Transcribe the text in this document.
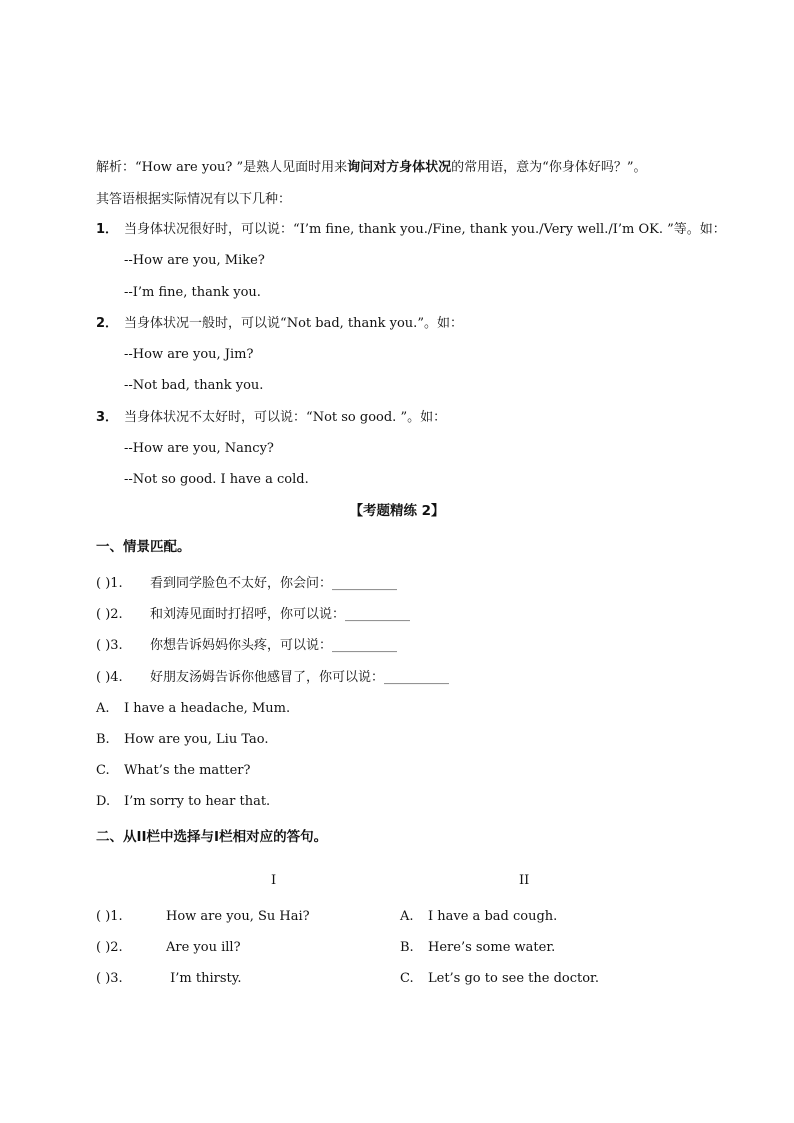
解析：“How are you? ”是熟人见面时用来询问对方身体状况的常用语，意为“你身体好吗？”。
其答语根据实际情况有以下几种：
1． 当身体状况很好时，可以说：“I’m fine, thank you./Fine, thank you./Very well./I’m OK. ”等。如：
--How are you, Mike?
--I’m fine, thank you.
2． 当身体状况一般时，可以说“Not bad, thank you.”。如：
--How are you, Jim?
--Not bad, thank you.
3． 当身体状况不太好时，可以说：“Not so good. ”。如：
--How are you, Nancy?
--Not so good. I have a cold.
【考题精练 2】
一、情景匹配。
( )1. 看到同学脸色不太好，你会问：__________
( )2. 和刘涛见面时打招呼，你可以说：__________
( )3. 你想告诉妈妈你头疼，可以说：__________
( )4. 好朋友汤姆告诉你他感冒了，你可以说：__________
A. I have a headache, Mum.
B. How are you, Liu Tao.
C. What’s the matter?
D. I’m sorry to hear that.
二、从II栏中选择与I栏相对应的答句。
I	II
( )1.	How are you, Su Hai?	A. I have a bad cough.
( )2.	Are you ill?	B. Here’s some water.
( )3.	I’m thirsty.	C. Let’s go to see the doctor.
